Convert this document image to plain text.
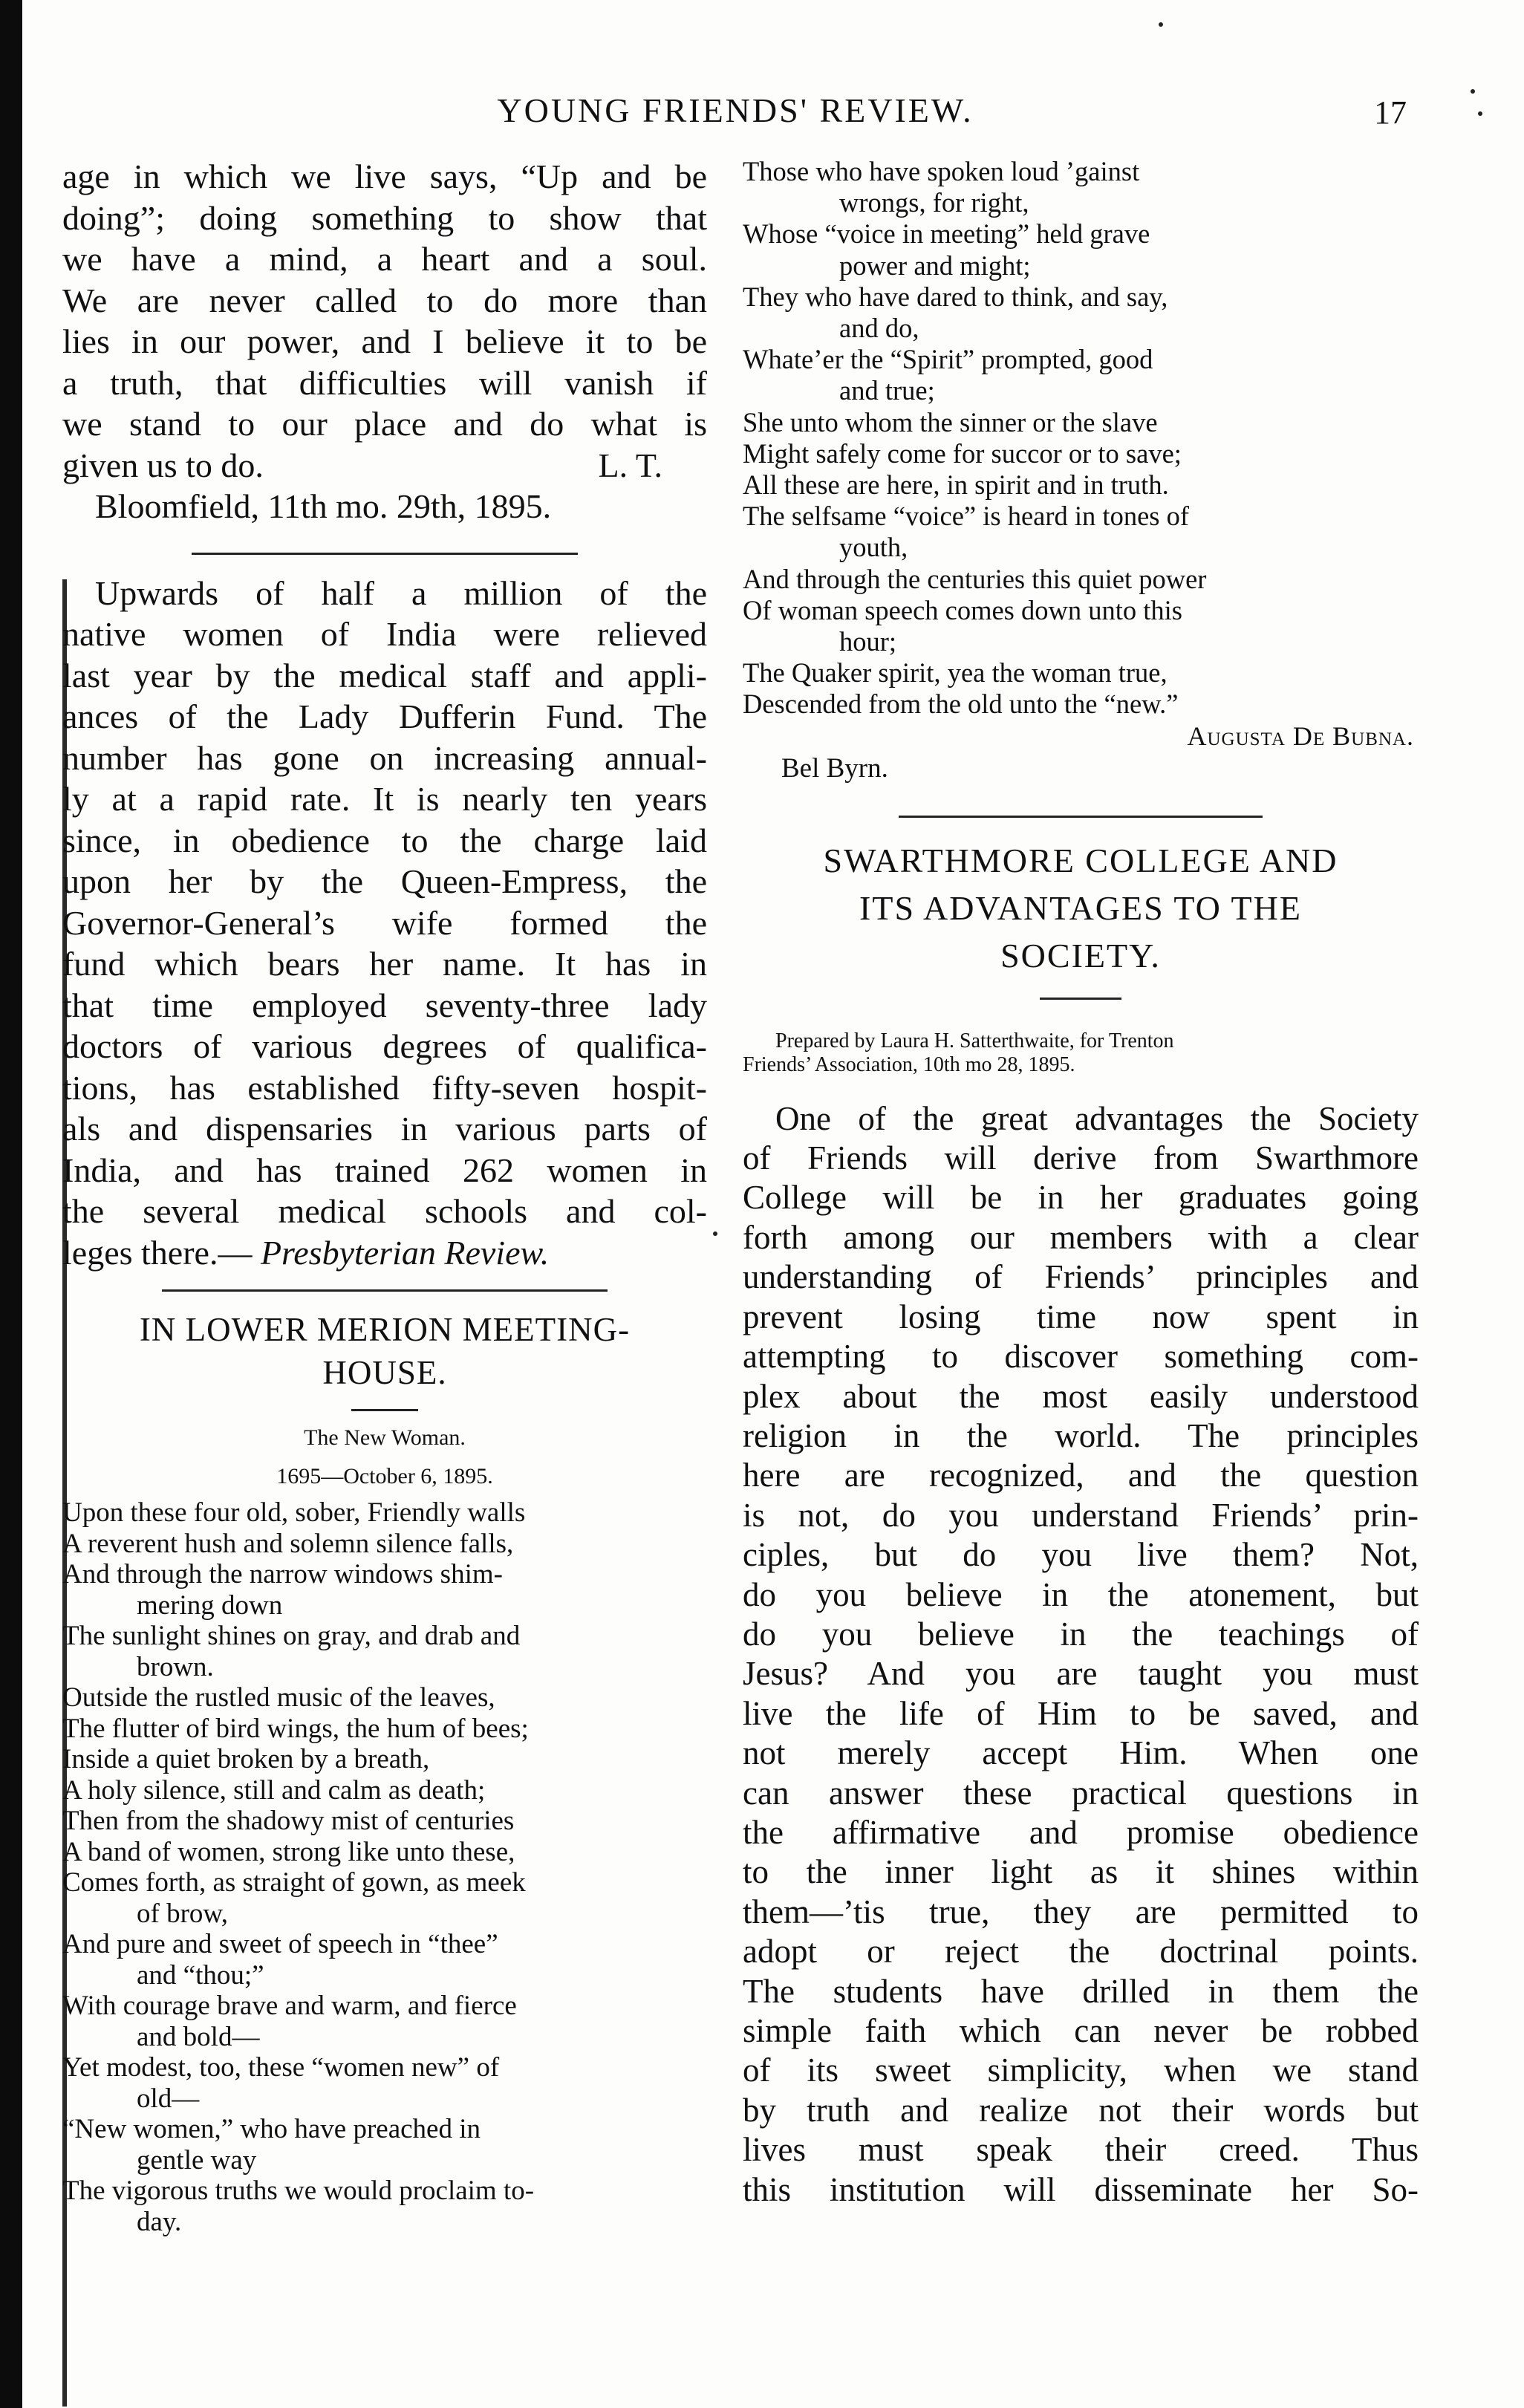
YOUNG FRIENDS' REVIEW.	17

age in which we live says, “Up and be

doing”; doing something to show that

we have a mind, a heart and a soul.

We are never called to do more than

lies in our power, and I believe it to be

a truth, that difficulties will vanish if

we stand to our place and do what is

given us to do.	L. T.
Bloomfield, 11th mo. 29th, 1895.

Upwards of half a million of the

native women of India were relieved

last year by the medical staff and appli-

ances of the Lady Dufferin Fund. The

number has gone on increasing annual-

ly at a rapid rate. It is nearly ten years

since, in obedience to the charge laid

upon her by the Queen-Empress, the

Governor-General’s wife formed the

fund which bears her name. It has in

that time employed seventy-three lady

doctors of various degrees of qualifica-

tions, has established fifty-seven hospit-

als and dispensaries in various parts of

India, and has trained 262 women in

the several medical schools and col-

leges there.— Presbyterian Review.

IN LOWER MERION MEETING-
HOUSE.
The New Woman.
1695—October 6, 1895.
Upon these four old, sober, Friendly walls
A reverent hush and solemn silence falls,
And through the narrow windows shim-
mering down
The sunlight shines on gray, and drab and
brown.
Outside the rustled music of the leaves,
The flutter of bird wings, the hum of bees;
Inside a quiet broken by a breath,
A holy silence, still and calm as death;
Then from the shadowy mist of centuries
A band of women, strong like unto these,
Comes forth, as straight of gown, as meek
of brow,
And pure and sweet of speech in “thee”
and “thou;”
With courage brave and warm, and fierce
and bold—
Yet modest, too, these “women new” of
old—
“New women,” who have preached in
gentle way
The vigorous truths we would proclaim to-
day.
Those who have spoken loud ’gainst
wrongs, for right,
Whose “voice in meeting” held grave
power and might;
They who have dared to think, and say,
and do,
Whate’er the “Spirit” prompted, good
and true;
She unto whom the sinner or the slave
Might safely come for succor or to save;
All these are here, in spirit and in truth.
The selfsame “voice” is heard in tones of
youth,
And through the centuries this quiet power
Of woman speech comes down unto this
hour;
The Quaker spirit, yea the woman true,
Descended from the old unto the “new.”
Augusta De Bubna.
Bel Byrn.
SWARTHMORE COLLEGE AND
ITS ADVANTAGES TO THE
SOCIETY.
Prepared by Laura H. Satterthwaite, for Trenton
Friends’ Association, 10th mo 28, 1895.

One of the great advantages the Society

of Friends will derive from Swarthmore

College will be in her graduates going

forth among our members with a clear

understanding of Friends’ principles and

prevent losing time now spent in

attempting to discover something com-

plex about the most easily understood

religion in the world. The principles

here are recognized, and the question

is not, do you understand Friends’ prin-

ciples, but do you live them? Not,

do you believe in the atonement, but

do you believe in the teachings of

Jesus? And you are taught you must

live the life of Him to be saved, and

not merely accept Him. When one

can answer these practical questions in

the affirmative and promise obedience

to the inner light as it shines within

them—’tis true, they are permitted to

adopt or reject the doctrinal points.

The students have drilled in them the

simple faith which can never be robbed

of its sweet simplicity, when we stand

by truth and realize not their words but

lives must speak their creed. Thus

this institution will disseminate her So-
